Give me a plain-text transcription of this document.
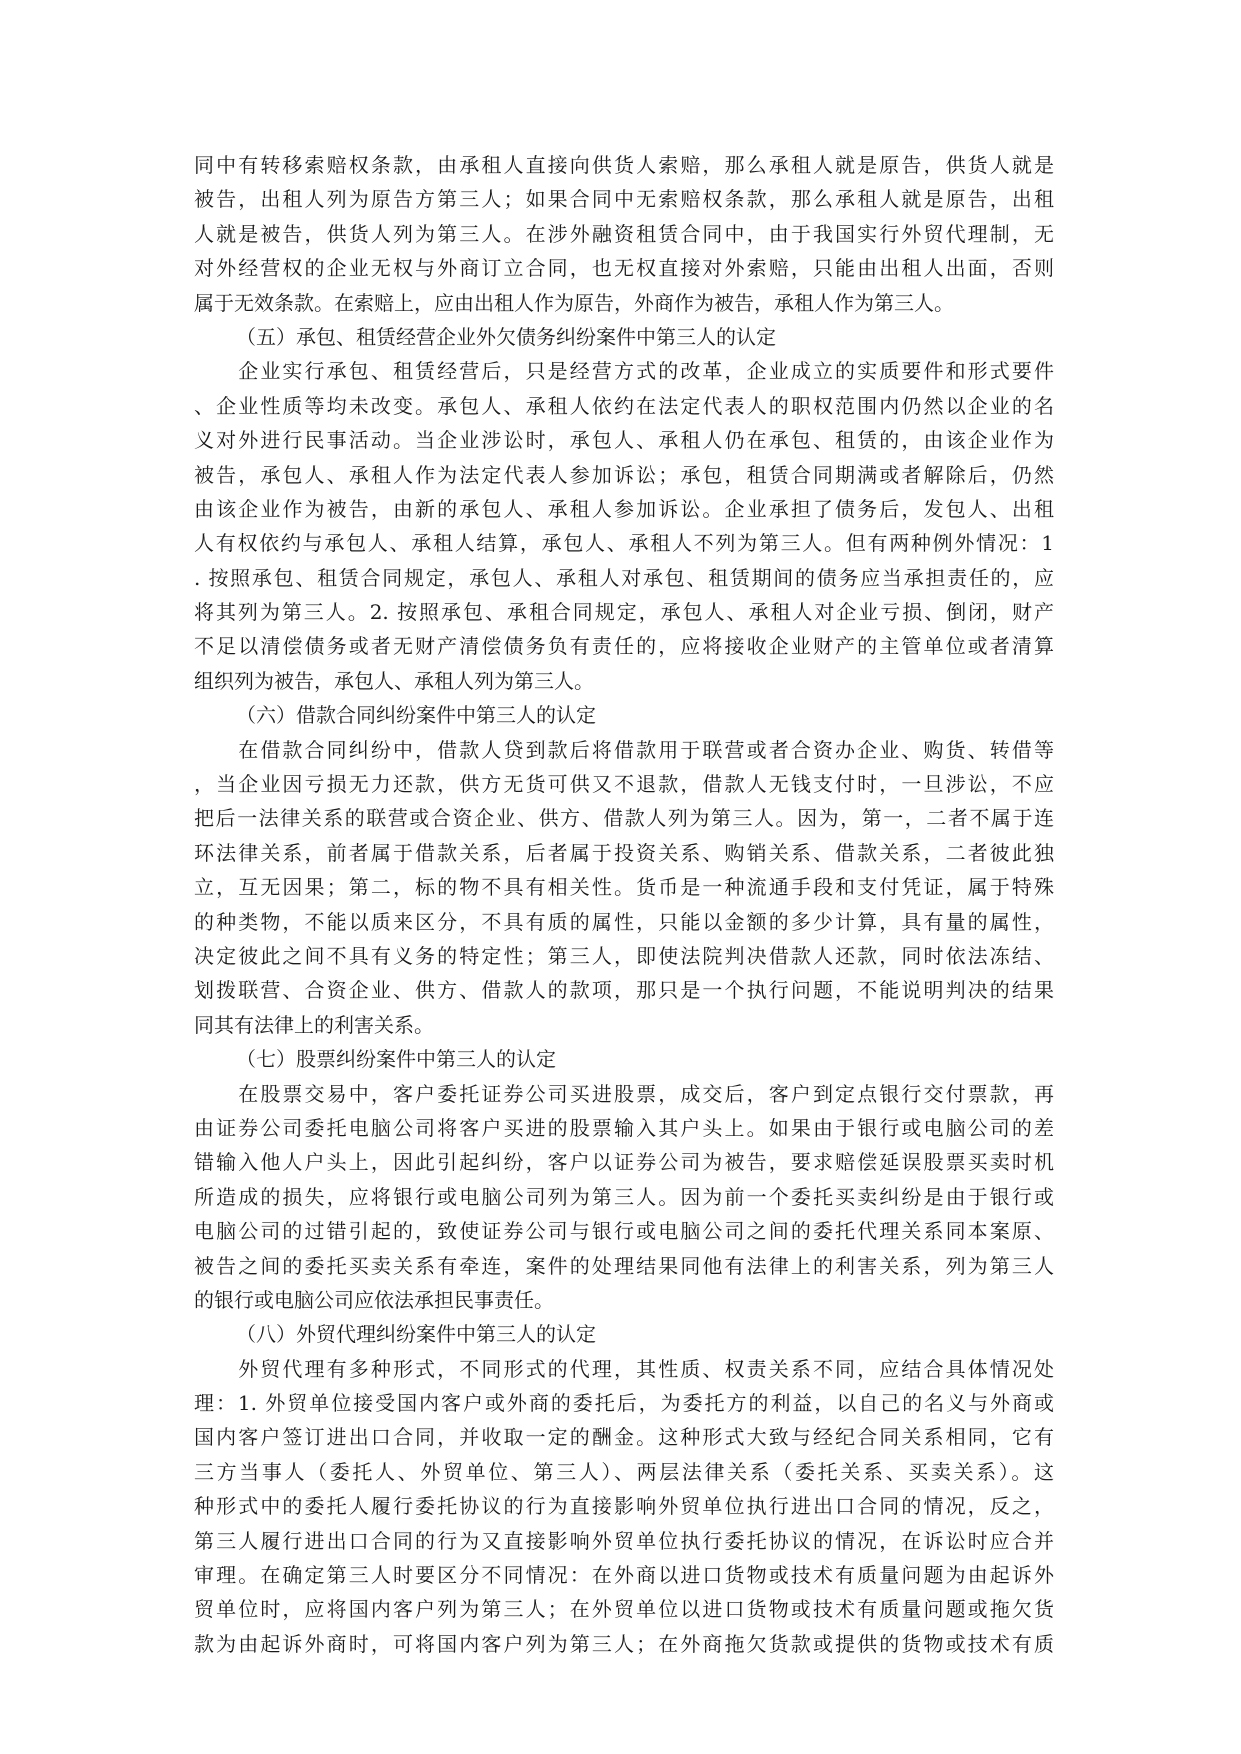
同中有转移索赔权条款，由承租人直接向供货人索赔，那么承租人就是原告，供货人就是
被告，出租人列为原告方第三人；如果合同中无索赔权条款，那么承租人就是原告，出租
人就是被告，供货人列为第三人。在涉外融资租赁合同中，由于我国实行外贸代理制，无
对外经营权的企业无权与外商订立合同，也无权直接对外索赔，只能由出租人出面，否则
属于无效条款。在索赔上，应由出租人作为原告，外商作为被告，承租人作为第三人。
（五）承包、租赁经营企业外欠债务纠纷案件中第三人的认定
　　企业实行承包、租赁经营后，只是经营方式的改革，企业成立的实质要件和形式要件
、企业性质等均未改变。承包人、承租人依约在法定代表人的职权范围内仍然以企业的名
义对外进行民事活动。当企业涉讼时，承包人、承租人仍在承包、租赁的，由该企业作为
被告，承包人、承租人作为法定代表人参加诉讼；承包，租赁合同期满或者解除后，仍然
由该企业作为被告，由新的承包人、承租人参加诉讼。企业承担了债务后，发包人、出租
人有权依约与承包人、承租人结算，承包人、承租人不列为第三人。但有两种例外情况：1
. 按照承包、租赁合同规定，承包人、承租人对承包、租赁期间的债务应当承担责任的，应
将其列为第三人。2. 按照承包、承租合同规定，承包人、承租人对企业亏损、倒闭，财产
不足以清偿债务或者无财产清偿债务负有责任的，应将接收企业财产的主管单位或者清算
组织列为被告，承包人、承租人列为第三人。
（六）借款合同纠纷案件中第三人的认定
　　在借款合同纠纷中，借款人贷到款后将借款用于联营或者合资办企业、购货、转借等
，当企业因亏损无力还款，供方无货可供又不退款，借款人无钱支付时，一旦涉讼，不应
把后一法律关系的联营或合资企业、供方、借款人列为第三人。因为，第一，二者不属于连
环法律关系，前者属于借款关系，后者属于投资关系、购销关系、借款关系，二者彼此独
立，互无因果；第二，标的物不具有相关性。货币是一种流通手段和支付凭证，属于特殊
的种类物，不能以质来区分，不具有质的属性，只能以金额的多少计算，具有量的属性，
决定彼此之间不具有义务的特定性；第三人，即使法院判决借款人还款，同时依法冻结、
划拨联营、合资企业、供方、借款人的款项，那只是一个执行问题，不能说明判决的结果
同其有法律上的利害关系。
（七）股票纠纷案件中第三人的认定
　　在股票交易中，客户委托证券公司买进股票，成交后，客户到定点银行交付票款，再
由证券公司委托电脑公司将客户买进的股票输入其户头上。如果由于银行或电脑公司的差
错输入他人户头上，因此引起纠纷，客户以证券公司为被告，要求赔偿延误股票买卖时机
所造成的损失，应将银行或电脑公司列为第三人。因为前一个委托买卖纠纷是由于银行或
电脑公司的过错引起的，致使证券公司与银行或电脑公司之间的委托代理关系同本案原、
被告之间的委托买卖关系有牵连，案件的处理结果同他有法律上的利害关系，列为第三人
的银行或电脑公司应依法承担民事责任。
（八）外贸代理纠纷案件中第三人的认定
　　外贸代理有多种形式，不同形式的代理，其性质、权责关系不同，应结合具体情况处
理：1. 外贸单位接受国内客户或外商的委托后，为委托方的利益，以自己的名义与外商或
国内客户签订进出口合同，并收取一定的酬金。这种形式大致与经纪合同关系相同，它有
三方当事人（委托人、外贸单位、第三人）、两层法律关系（委托关系、买卖关系）。这
种形式中的委托人履行委托协议的行为直接影响外贸单位执行进出口合同的情况，反之，
第三人履行进出口合同的行为又直接影响外贸单位执行委托协议的情况，在诉讼时应合并
审理。在确定第三人时要区分不同情况：在外商以进口货物或技术有质量问题为由起诉外
贸单位时，应将国内客户列为第三人；在外贸单位以进口货物或技术有质量问题或拖欠货
款为由起诉外商时，可将国内客户列为第三人；在外商拖欠货款或提供的货物或技术有质
